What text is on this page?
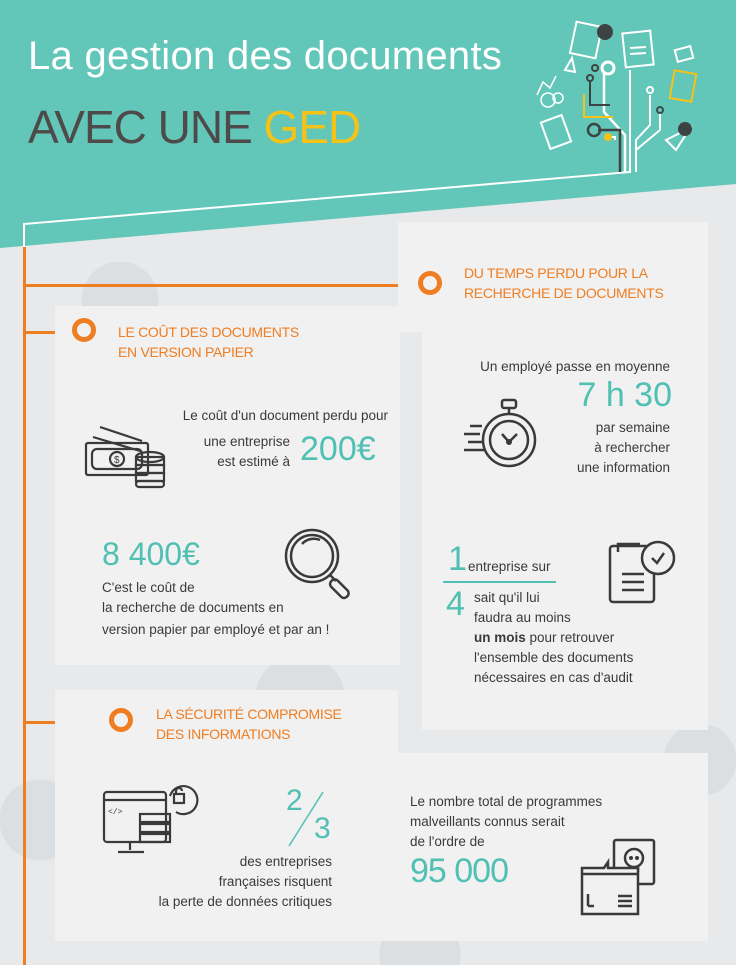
La gestion des documents
AVEC UNE GED
DU TEMPS PERDU POUR LA
RECHERCHE DE DOCUMENTS
LE COÛT DES DOCUMENTS
EN VERSION PAPIER
$
Le coût d'un document perdu pour
une entreprise
est estimé à 200€
8 400€
C'est le coût de
la recherche de documents en
version papier par employé et par an !
Un employé passe en moyenne
7 h 30
par semaine
à rechercher
une information
1 entreprise sur
4 sait qu'il lui
faudra au moins
un mois pour retrouver
l'ensemble des documents
nécessaires en cas d'audit
LA SÉCURITÉ COMPROMISE
DES INFORMATIONS
</>	2
3
des entreprises
françaises risquent
la perte de données critiques
Le nombre total de programmes
malveillants connus serait
de l'ordre de
95 000
